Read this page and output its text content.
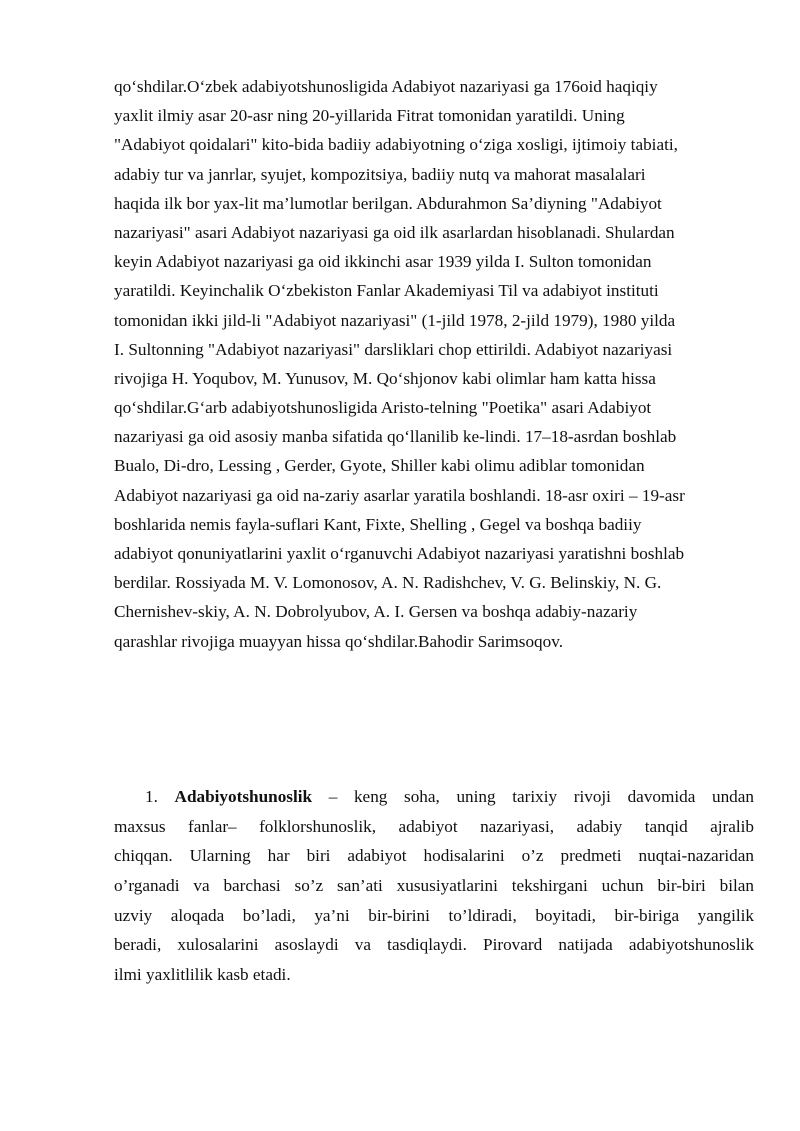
qo‘shdilar.O‘zbek adabiyotshunosligida Adabiyot nazariyasi ga 176oid haqiqiy
yaxlit ilmiy asar 20-asr ning 20-yillarida Fitrat tomonidan yaratildi. Uning
"Adabiyot qoidalari" kito-bida badiiy adabiyotning o‘ziga xosligi, ijtimoiy tabiati,
adabiy tur va janrlar, syujet, kompozitsiya, badiiy nutq va mahorat masalalari
haqida ilk bor yax-lit ma’lumotlar berilgan. Abdurahmon Sa’diyning "Adabiyot
nazariyasi" asari Adabiyot nazariyasi ga oid ilk asarlardan hisoblanadi. Shulardan
keyin Adabiyot nazariyasi ga oid ikkinchi asar 1939 yilda I. Sulton tomonidan
yaratildi. Keyinchalik O‘zbekiston Fanlar Akademiyasi Til va adabiyot instituti
tomonidan ikki jild-li "Adabiyot nazariyasi" (1-jild 1978, 2-jild 1979), 1980 yilda
I. Sultonning "Adabiyot nazariyasi" darsliklari chop ettirildi. Adabiyot nazariyasi
rivojiga H. Yoqubov, M. Yunusov, M. Qo‘shjonov kabi olimlar ham katta hissa
qo‘shdilar.G‘arb adabiyotshunosligida Aristo-telning "Poetika" asari Adabiyot
nazariyasi ga oid asosiy manba sifatida qo‘llanilib ke-lindi. 17–18-asrdan boshlab
Bualo, Di-dro, Lessing , Gerder, Gyote, Shiller kabi olimu adiblar tomonidan
Adabiyot nazariyasi ga oid na-zariy asarlar yaratila boshlandi. 18-asr oxiri – 19-asr
boshlarida nemis fayla-suflari Kant, Fixte, Shelling , Gegel va boshqa badiiy
adabiyot qonuniyatlarini yaxlit o‘rganuvchi Adabiyot nazariyasi yaratishni boshlab
berdilar. Rossiyada M. V. Lomonosov, A. N. Radishchev, V. G. Belinskiy, N. G.
Chernishev-skiy, A. N. Dobrolyubov, A. I. Gersen va boshqa adabiy-nazariy
qarashlar rivojiga muayyan hissa qo‘shdilar.Bahodir Sarimsoqov.
1. Adabiyotshunoslik – keng soha, uning tarixiy rivoji davomida undan
maxsus fanlar– folklorshunoslik, adabiyot nazariyasi, adabiy tanqid ajralib
chiqqan. Ularning har biri adabiyot hodisalarini o’z predmeti nuqtai-nazaridan
o’rganadi va barchasi so’z san’ati xususiyatlarini tekshirgani uchun bir-biri bilan
uzviy aloqada bo’ladi, ya’ni bir-birini to’ldiradi, boyitadi, bir-biriga yangilik
beradi, xulosalarini asoslaydi va tasdiqlaydi. Pirovard natijada adabiyotshunoslik
ilmi yaxlitlilik kasb etadi.
